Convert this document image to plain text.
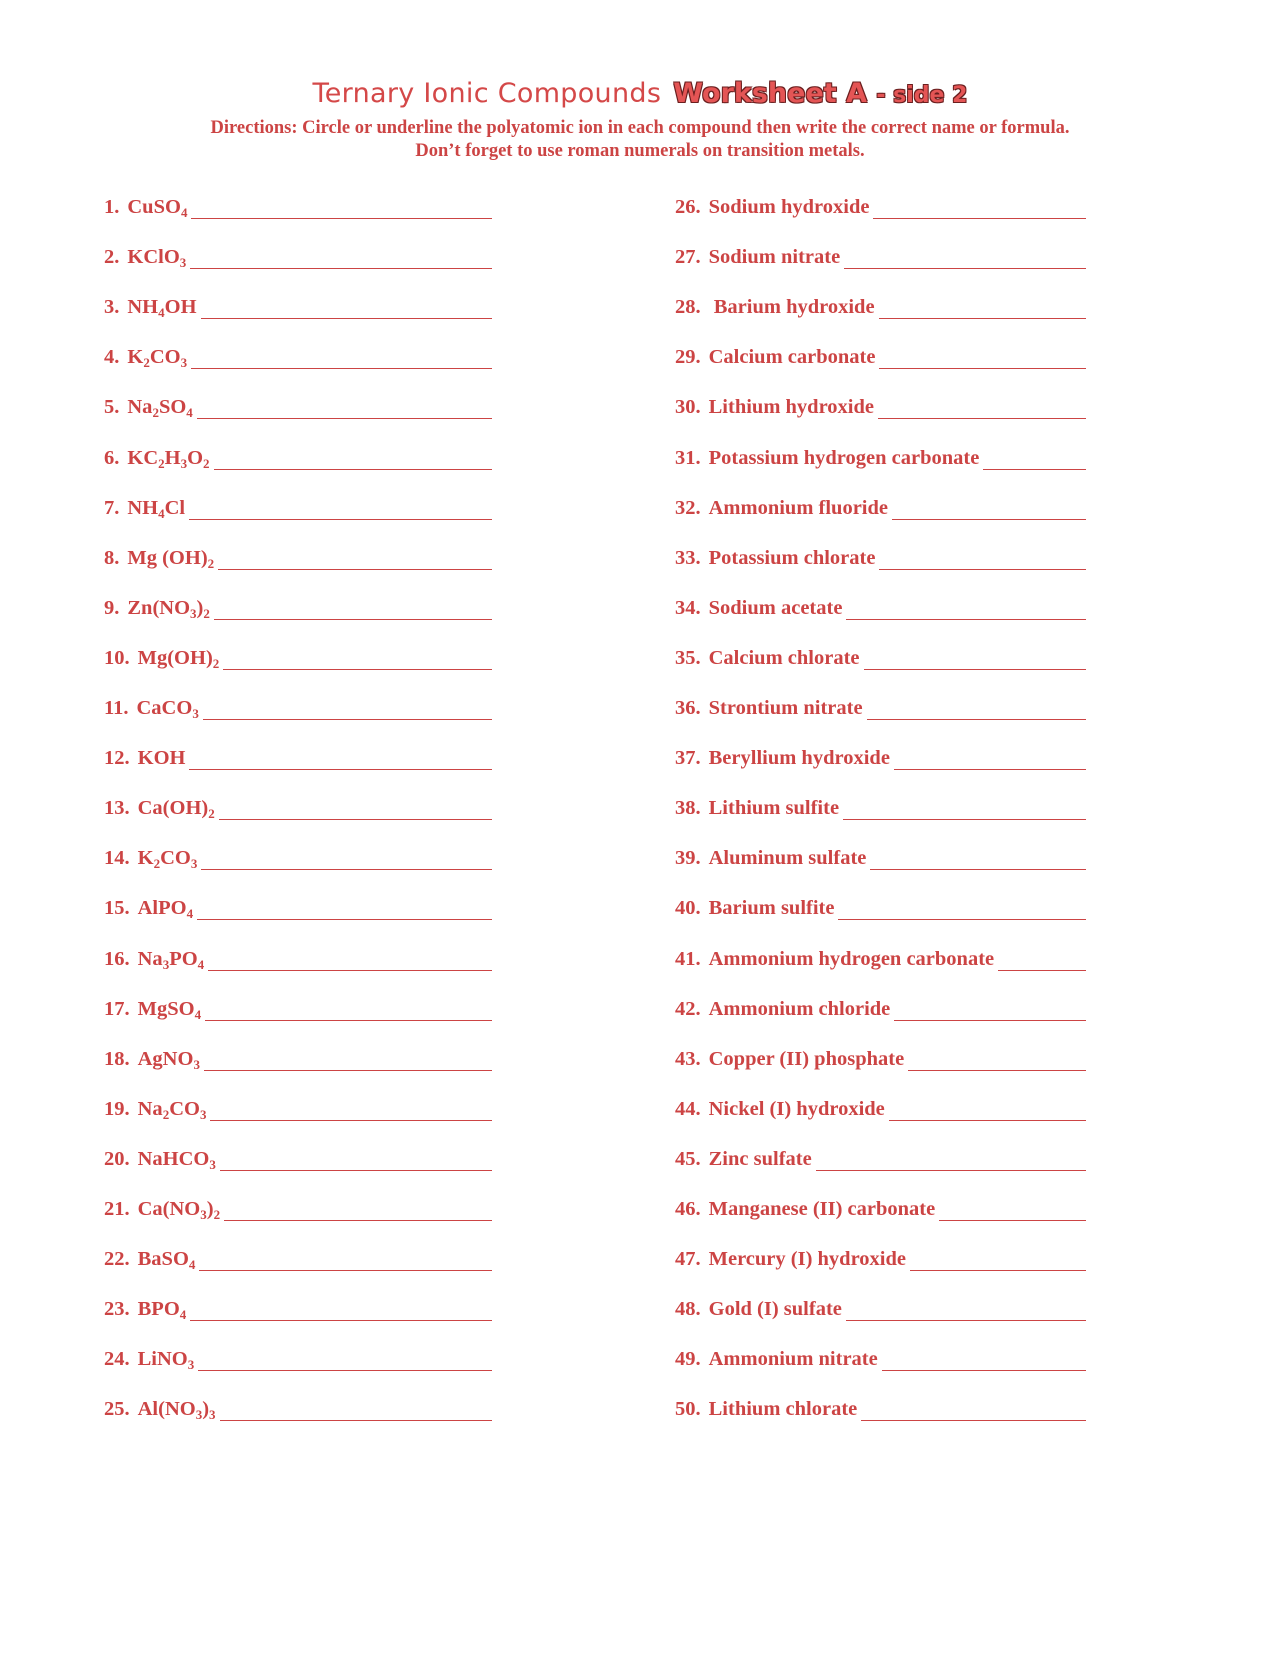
Ternary Ionic Compounds Worksheet A - side 2
Directions: Circle or underline the polyatomic ion in each compound then write the correct name or formula.
Don’t forget to use roman numerals on transition metals.
1. CuSO$_4$
2. KClO$_3$
3. $NH_4OH$
4. $K_2CO_3$
5. $Na_2SO_4$
6. $KC_2H_3O_2$
7. $NH_4Cl$
8. Mg $(OH)_2$
9. $Zn(NO_3)_2$
10. $Mg(OH)_2$
11. CaCO$_3$
12. KOH
13. $Ca(OH)_2$
14. $K_2CO_3$
15. AlPO$_4$
16. $Na_3PO_4$
17. MgSO$_4$
18. AgNO$_3$
19. $Na_2CO_3$
20. NaHCO$_3$
21. $Ca(NO_3)_2$
22. BaSO$_4$
23. $BPO_4$
24. LiNO$_3$
25. $Al(NO_3)_3$
26. Sodium hydroxide
27. Sodium nitrate
28. Barium hydroxide
29. Calcium carbonate
30. Lithium hydroxide
31. Potassium hydrogen carbonate
32. Ammonium fluoride
33. Potassium chlorate
34. Sodium acetate
35. Calcium chlorate
36. Strontium nitrate
37. Beryllium hydroxide
38. Lithium sulfite
39. Aluminum sulfate
40. Barium sulfite
41. Ammonium hydrogen carbonate
42. Ammonium chloride
43. Copper (II) phosphate
44. Nickel (I) hydroxide
45. Zinc sulfate
46. Manganese (II) carbonate
47. Mercury (I) hydroxide
48. Gold (I) sulfate
49. Ammonium nitrate
50. Lithium chlorate
